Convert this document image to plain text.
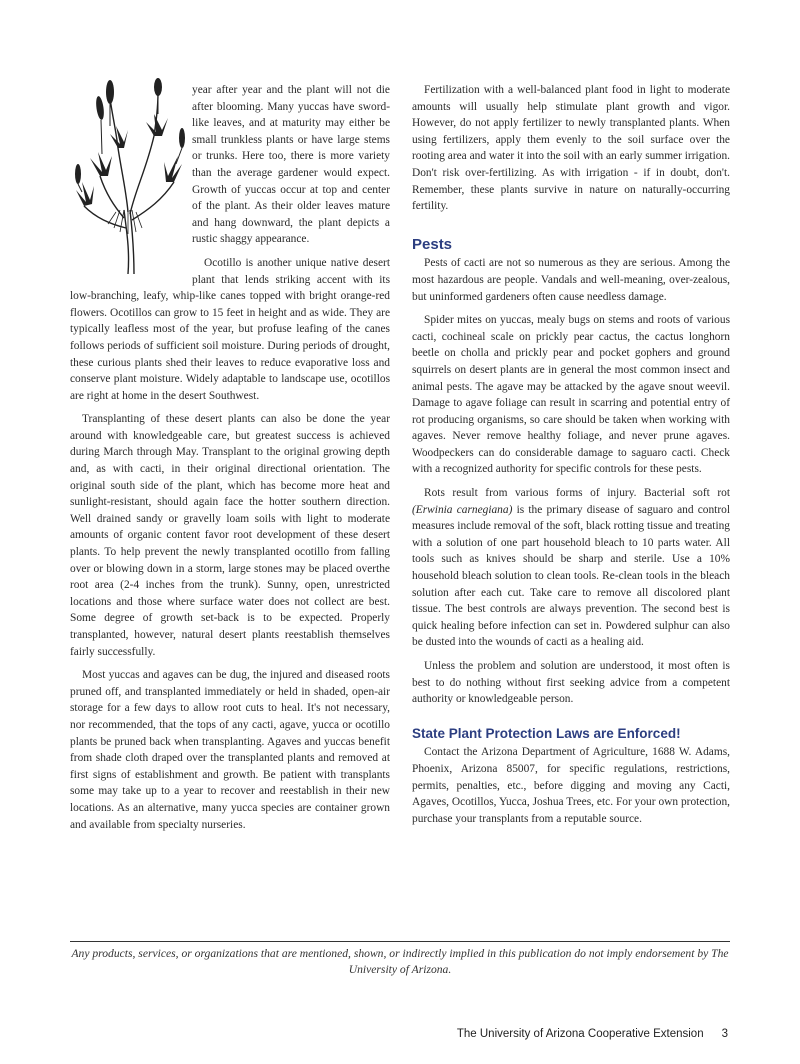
year after year and the plant will not die after blooming. Many yuccas have sword-like leaves, and at maturity may either be small trunkless plants or have large stems or trunks. Here too, there is more variety than the average gardener would expect. Growth of yuccas occur at top and center of the plant. As their older leaves mature and hang downward, the plant depicts a rustic shaggy appearance.

Ocotillo is another unique native desert plant that lends striking accent with its low-branching, leafy, whip-like canes topped with bright orange-red flowers. Ocotillos can grow to 15 feet in height and as wide. They are typically leafless most of the year, but profuse leafing of the canes follows periods of sufficient soil moisture. During periods of drought, these curious plants shed their leaves to reduce evaporative loss and conserve plant moisture. Widely adaptable to landscape use, ocotillos are right at home in the desert Southwest.

Transplanting of these desert plants can also be done the year around with knowledgeable care, but greatest success is achieved during March through May. Transplant to the original growing depth and, as with cacti, in their original directional orientation. The original south side of the plant, which has become more heat and sunlight-resistant, should again face the hotter southern direction. Well drained sandy or gravelly loam soils with light to moderate amounts of organic content favor root development of these desert plants. To help prevent the newly transplanted ocotillo from falling over or blowing down in a storm, large stones may be placed overthe root area (2-4 inches from the trunk). Sunny, open, unrestricted locations and those where surface water does not collect are best. Some degree of growth set-back is to be expected. Properly transplanted, however, natural desert plants reestablish themselves fairly successfully.

Most yuccas and agaves can be dug, the injured and diseased roots pruned off, and transplanted immediately or held in shaded, open-air storage for a few days to allow root cuts to heal. It's not necessary, nor recommended, that the tops of any cacti, agave, yucca or ocotillo plants be pruned back when transplanting. Agaves and yuccas benefit from shade cloth draped over the transplanted plants and removed at first signs of establishment and growth. Be patient with transplants some may take up to a year to recover and reestablish in their new locations. As an alternative, many yucca species are container grown and available from specialty nurseries.

Fertilization with a well-balanced plant food in light to moderate amounts will usually help stimulate plant growth and vigor. However, do not apply fertilizer to newly transplanted plants. When using fertilizers, apply them evenly to the soil surface over the rooting area and water it into the soil with an early summer irrigation. Don't risk over-fertilizing. As with irrigation - if in doubt, don't. Remember, these plants survive in nature on naturally-occurring fertility.

Pests

Pests of cacti are not so numerous as they are serious. Among the most hazardous are people. Vandals and well-meaning, over-zealous, but uninformed gardeners often cause needless damage.

Spider mites on yuccas, mealy bugs on stems and roots of various cacti, cochineal scale on prickly pear cactus, the cactus longhorn beetle on cholla and prickly pear and pocket gophers and ground squirrels on desert plants are in general the most common insect and animal pests. The agave may be attacked by the agave snout weevil. Damage to agave foliage can result in scarring and potential entry of rot producing organisms, so care should be taken when working with agaves. Never remove healthy foliage, and never prune agaves. Woodpeckers can do considerable damage to saguaro cacti. Check with a recognized authority for specific controls for these pests.

Rots result from various forms of injury. Bacterial soft rot (Erwinia carnegiana) is the primary disease of saguaro and control measures include removal of the soft, black rotting tissue and treating with a solution of one part household bleach to 10 parts water. All tools such as knives should be sharp and sterile. Use a 10% household bleach solution to clean tools. Re-clean tools in the bleach solution after each cut. Take care to remove all discolored plant tissue. The best controls are always prevention. The second best is quick healing before infection can set in. Powdered sulphur can also be dusted into the wounds of cacti as a healing aid.

Unless the problem and solution are understood, it most often is best to do nothing without first seeking advice from a competent authority or knowledgeable person.

State Plant Protection Laws are Enforced!

Contact the Arizona Department of Agriculture, 1688 W. Adams, Phoenix, Arizona 85007, for specific regulations, restrictions, permits, penalties, etc., before digging and moving any Cacti, Agaves, Ocotillos, Yucca, Joshua Trees, etc. For your own protection, purchase your transplants from a reputable source.

Any products, services, or organizations that are mentioned, shown, or indirectly implied in this publication do not imply endorsement by The University of Arizona.
The University of Arizona Cooperative Extension 3
